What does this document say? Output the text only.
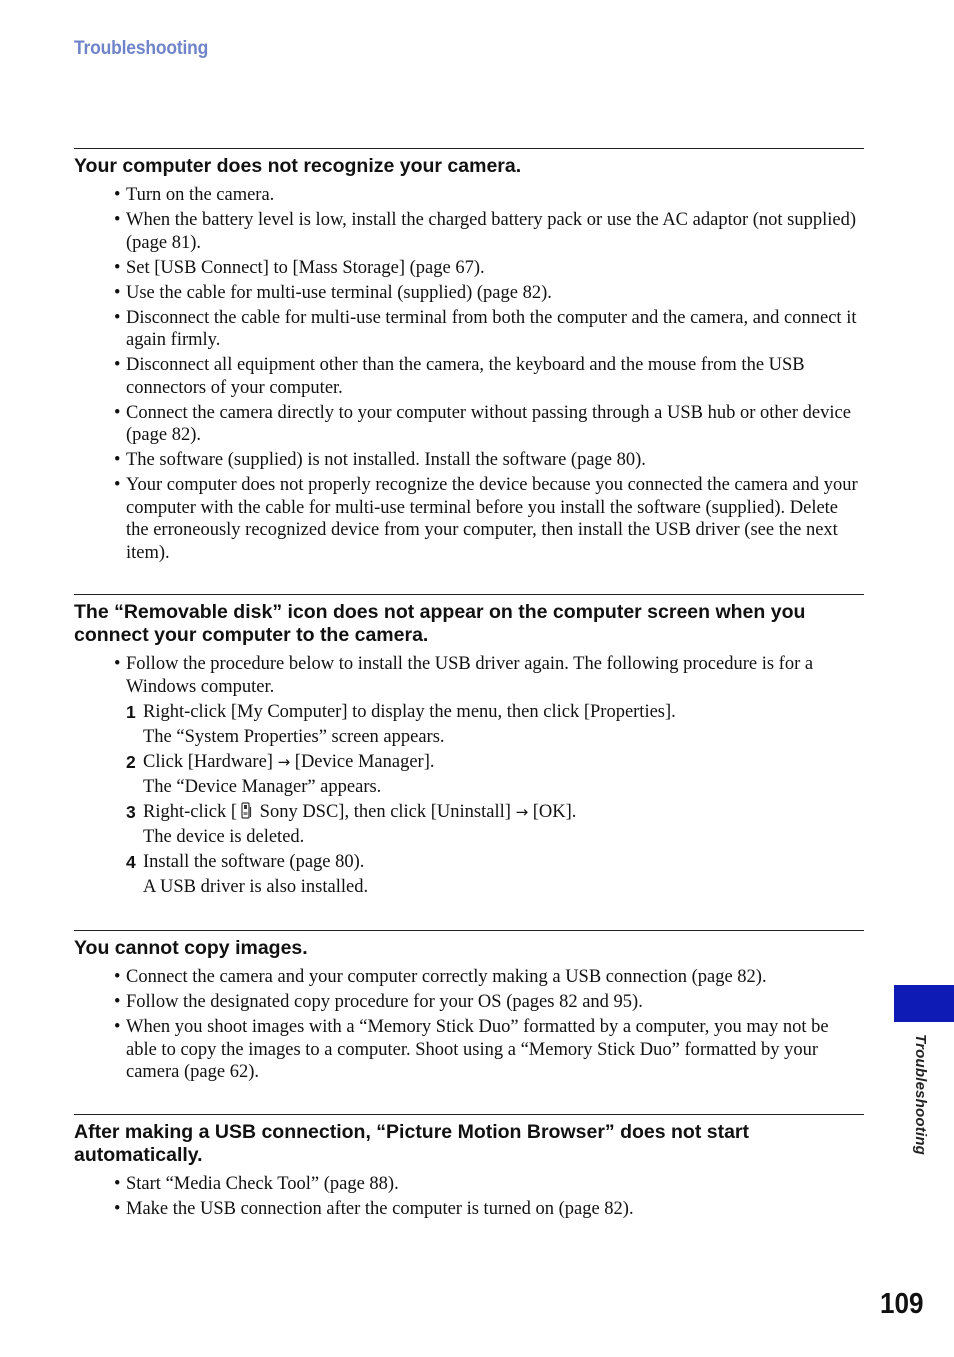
Troubleshooting
Your computer does not recognize your camera.
• Turn on the camera.
• When the battery level is low, install the charged battery pack or use the AC adaptor (not supplied) (page 81).
• Set [USB Connect] to [Mass Storage] (page 67).
• Use the cable for multi-use terminal (supplied) (page 82).
• Disconnect the cable for multi-use terminal from both the computer and the camera, and connect it again firmly.
• Disconnect all equipment other than the camera, the keyboard and the mouse from the USB connectors of your computer.
• Connect the camera directly to your computer without passing through a USB hub or other device (page 82).
• The software (supplied) is not installed. Install the software (page 80).
• Your computer does not properly recognize the device because you connected the camera and your computer with the cable for multi-use terminal before you install the software (supplied). Delete the erroneously recognized device from your computer, then install the USB driver (see the next item).
The “Removable disk” icon does not appear on the computer screen when you connect your computer to the camera.
• Follow the procedure below to install the USB driver again. The following procedure is for a Windows computer.
1 Right-click [My Computer] to display the menu, then click [Properties].
The “System Properties” screen appears.
2 Click [Hardware] → [Device Manager].
The “Device Manager” appears.
3 Right-click [ Sony DSC], then click [Uninstall] → [OK].
The device is deleted.
4 Install the software (page 80).
A USB driver is also installed.
You cannot copy images.
• Connect the camera and your computer correctly making a USB connection (page 82).
• Follow the designated copy procedure for your OS (pages 82 and 95).
• When you shoot images with a “Memory Stick Duo” formatted by a computer, you may not be able to copy the images to a computer. Shoot using a “Memory Stick Duo” formatted by your camera (page 62).
After making a USB connection, “Picture Motion Browser” does not start automatically.
• Start “Media Check Tool” (page 88).
• Make the USB connection after the computer is turned on (page 82).
Troubleshooting
109
